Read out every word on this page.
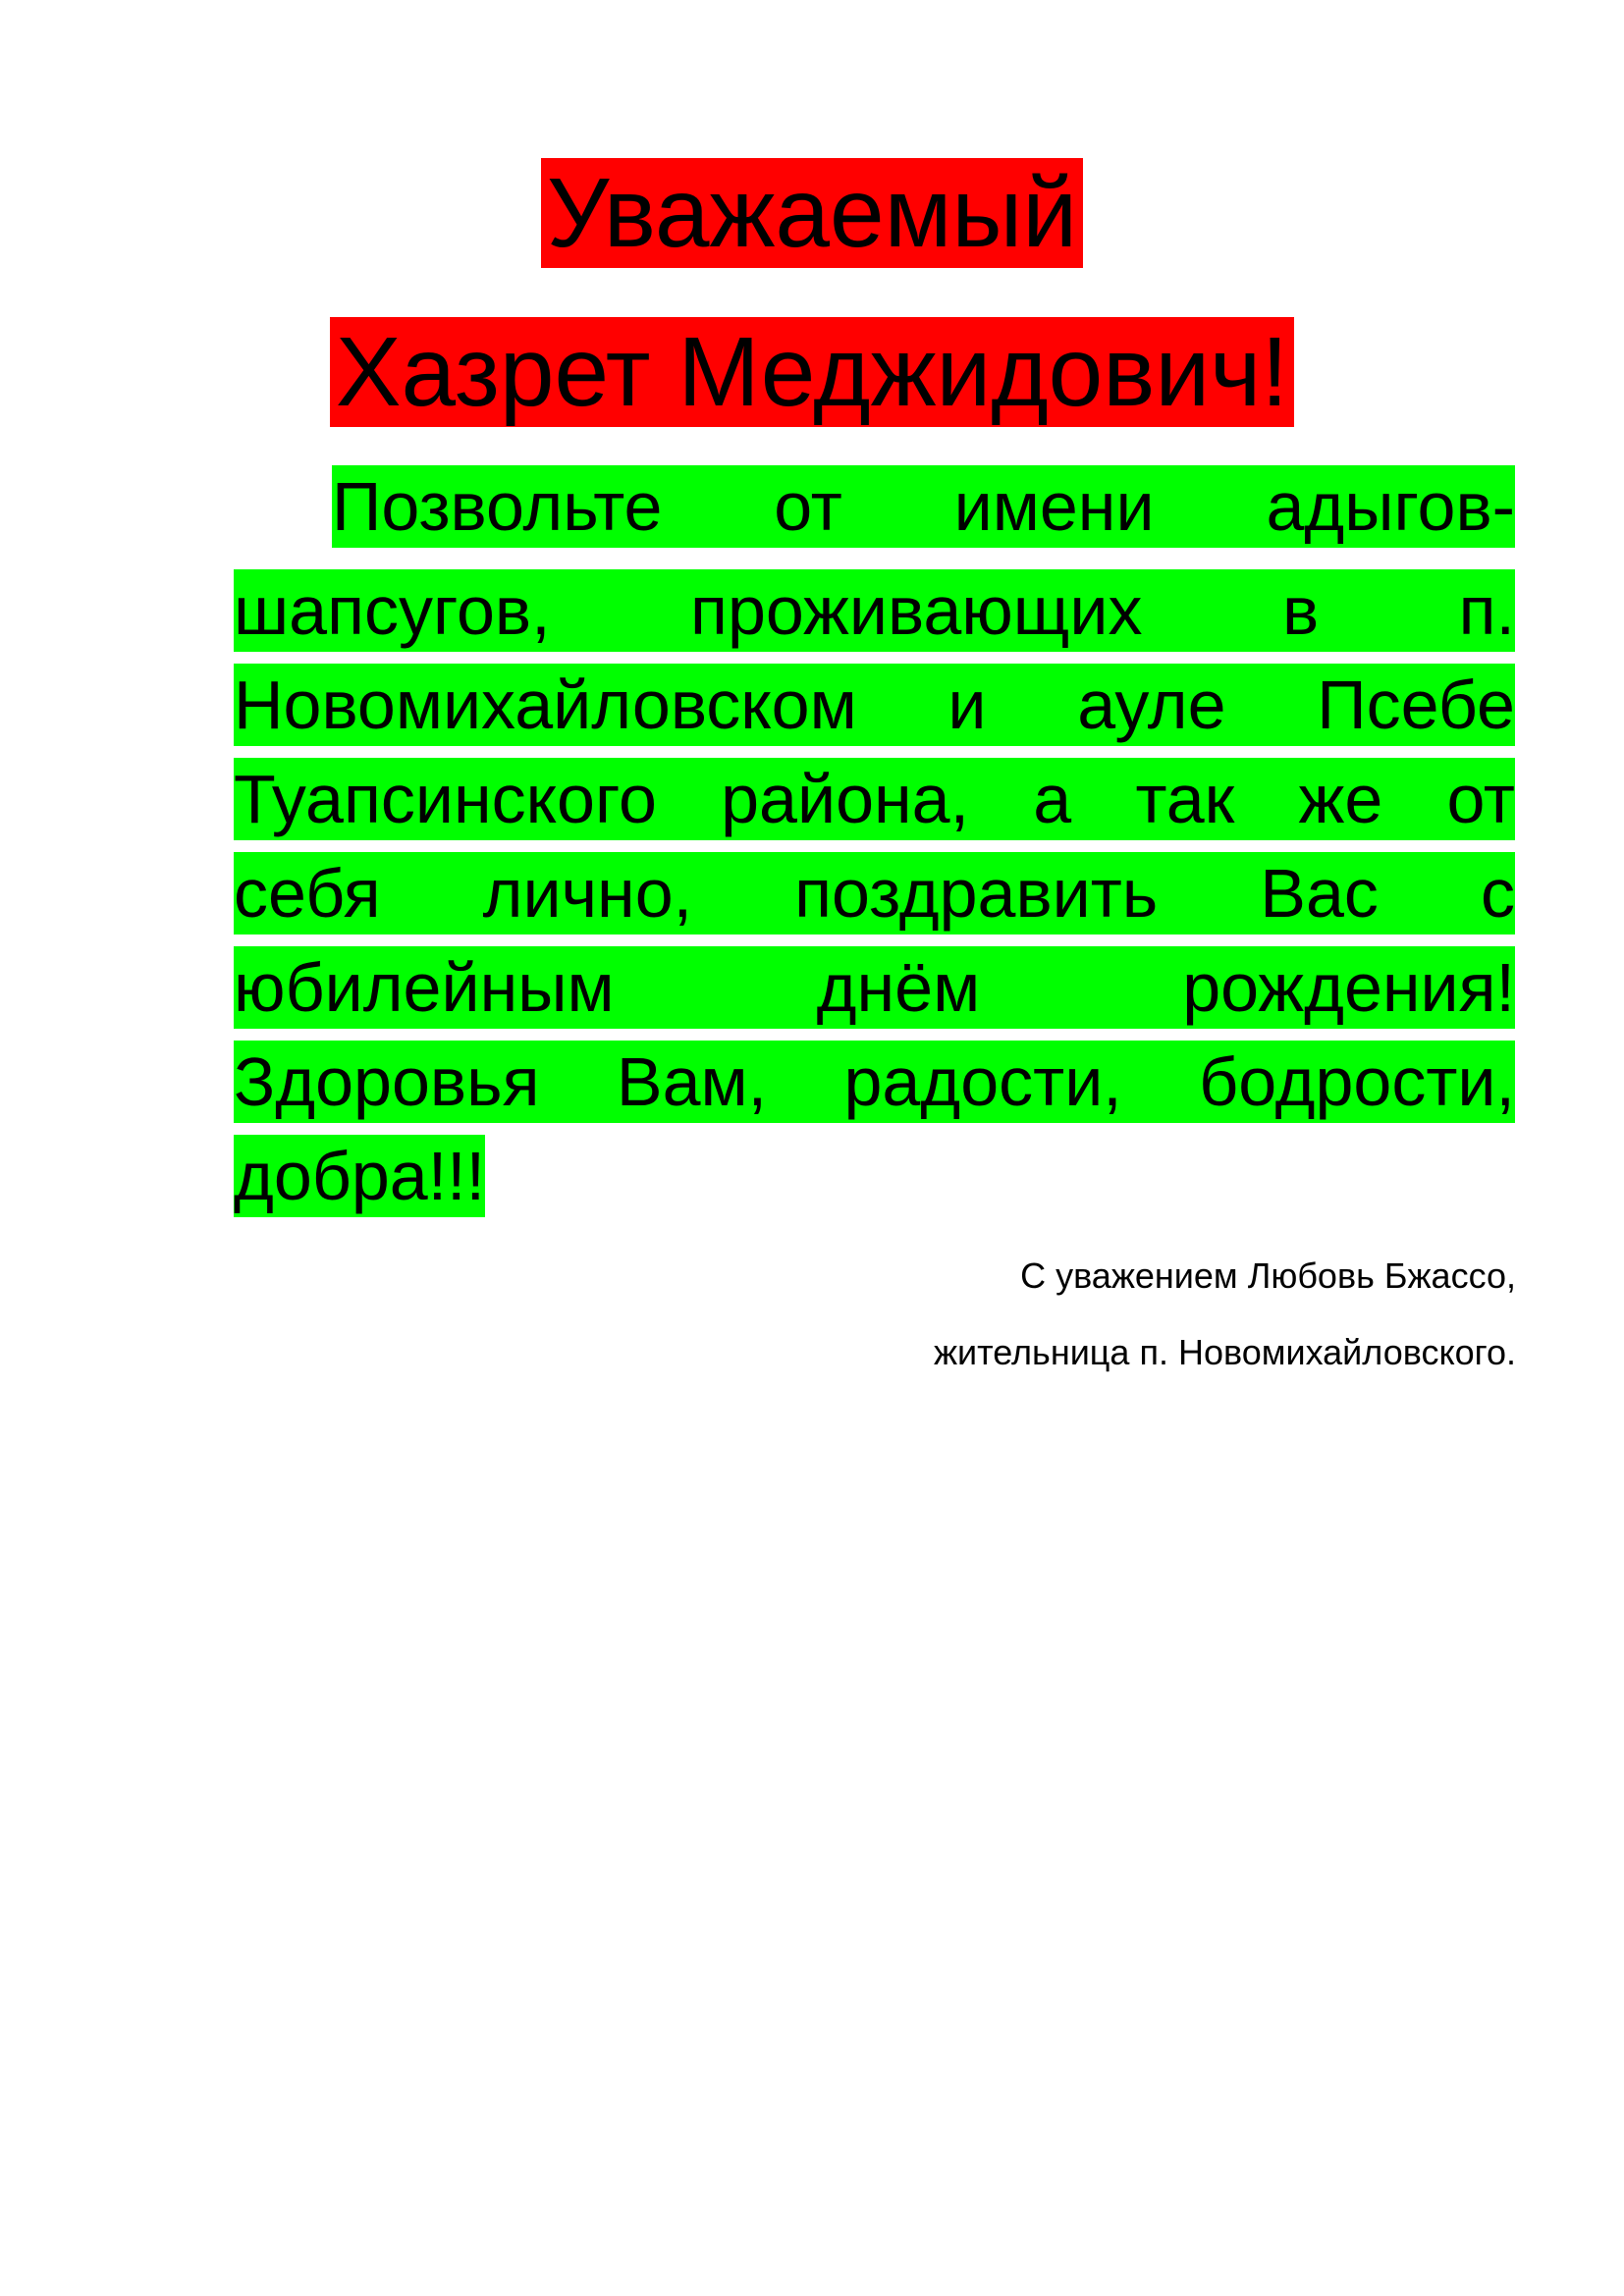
Уважаемый
Хазрет Меджидович!
Позвольте от имени адыгов-
шапсугов, проживающих в п.
Новомихайловском и ауле Псебе
Туапсинского района, а так же от
себя лично, поздравить Вас с
юбилейным	днём	рождения!
Здоровья Вам, радости, бодрости,
добра!!!
С уважением Любовь Бжассо,
жительница п. Новомихайловского.
